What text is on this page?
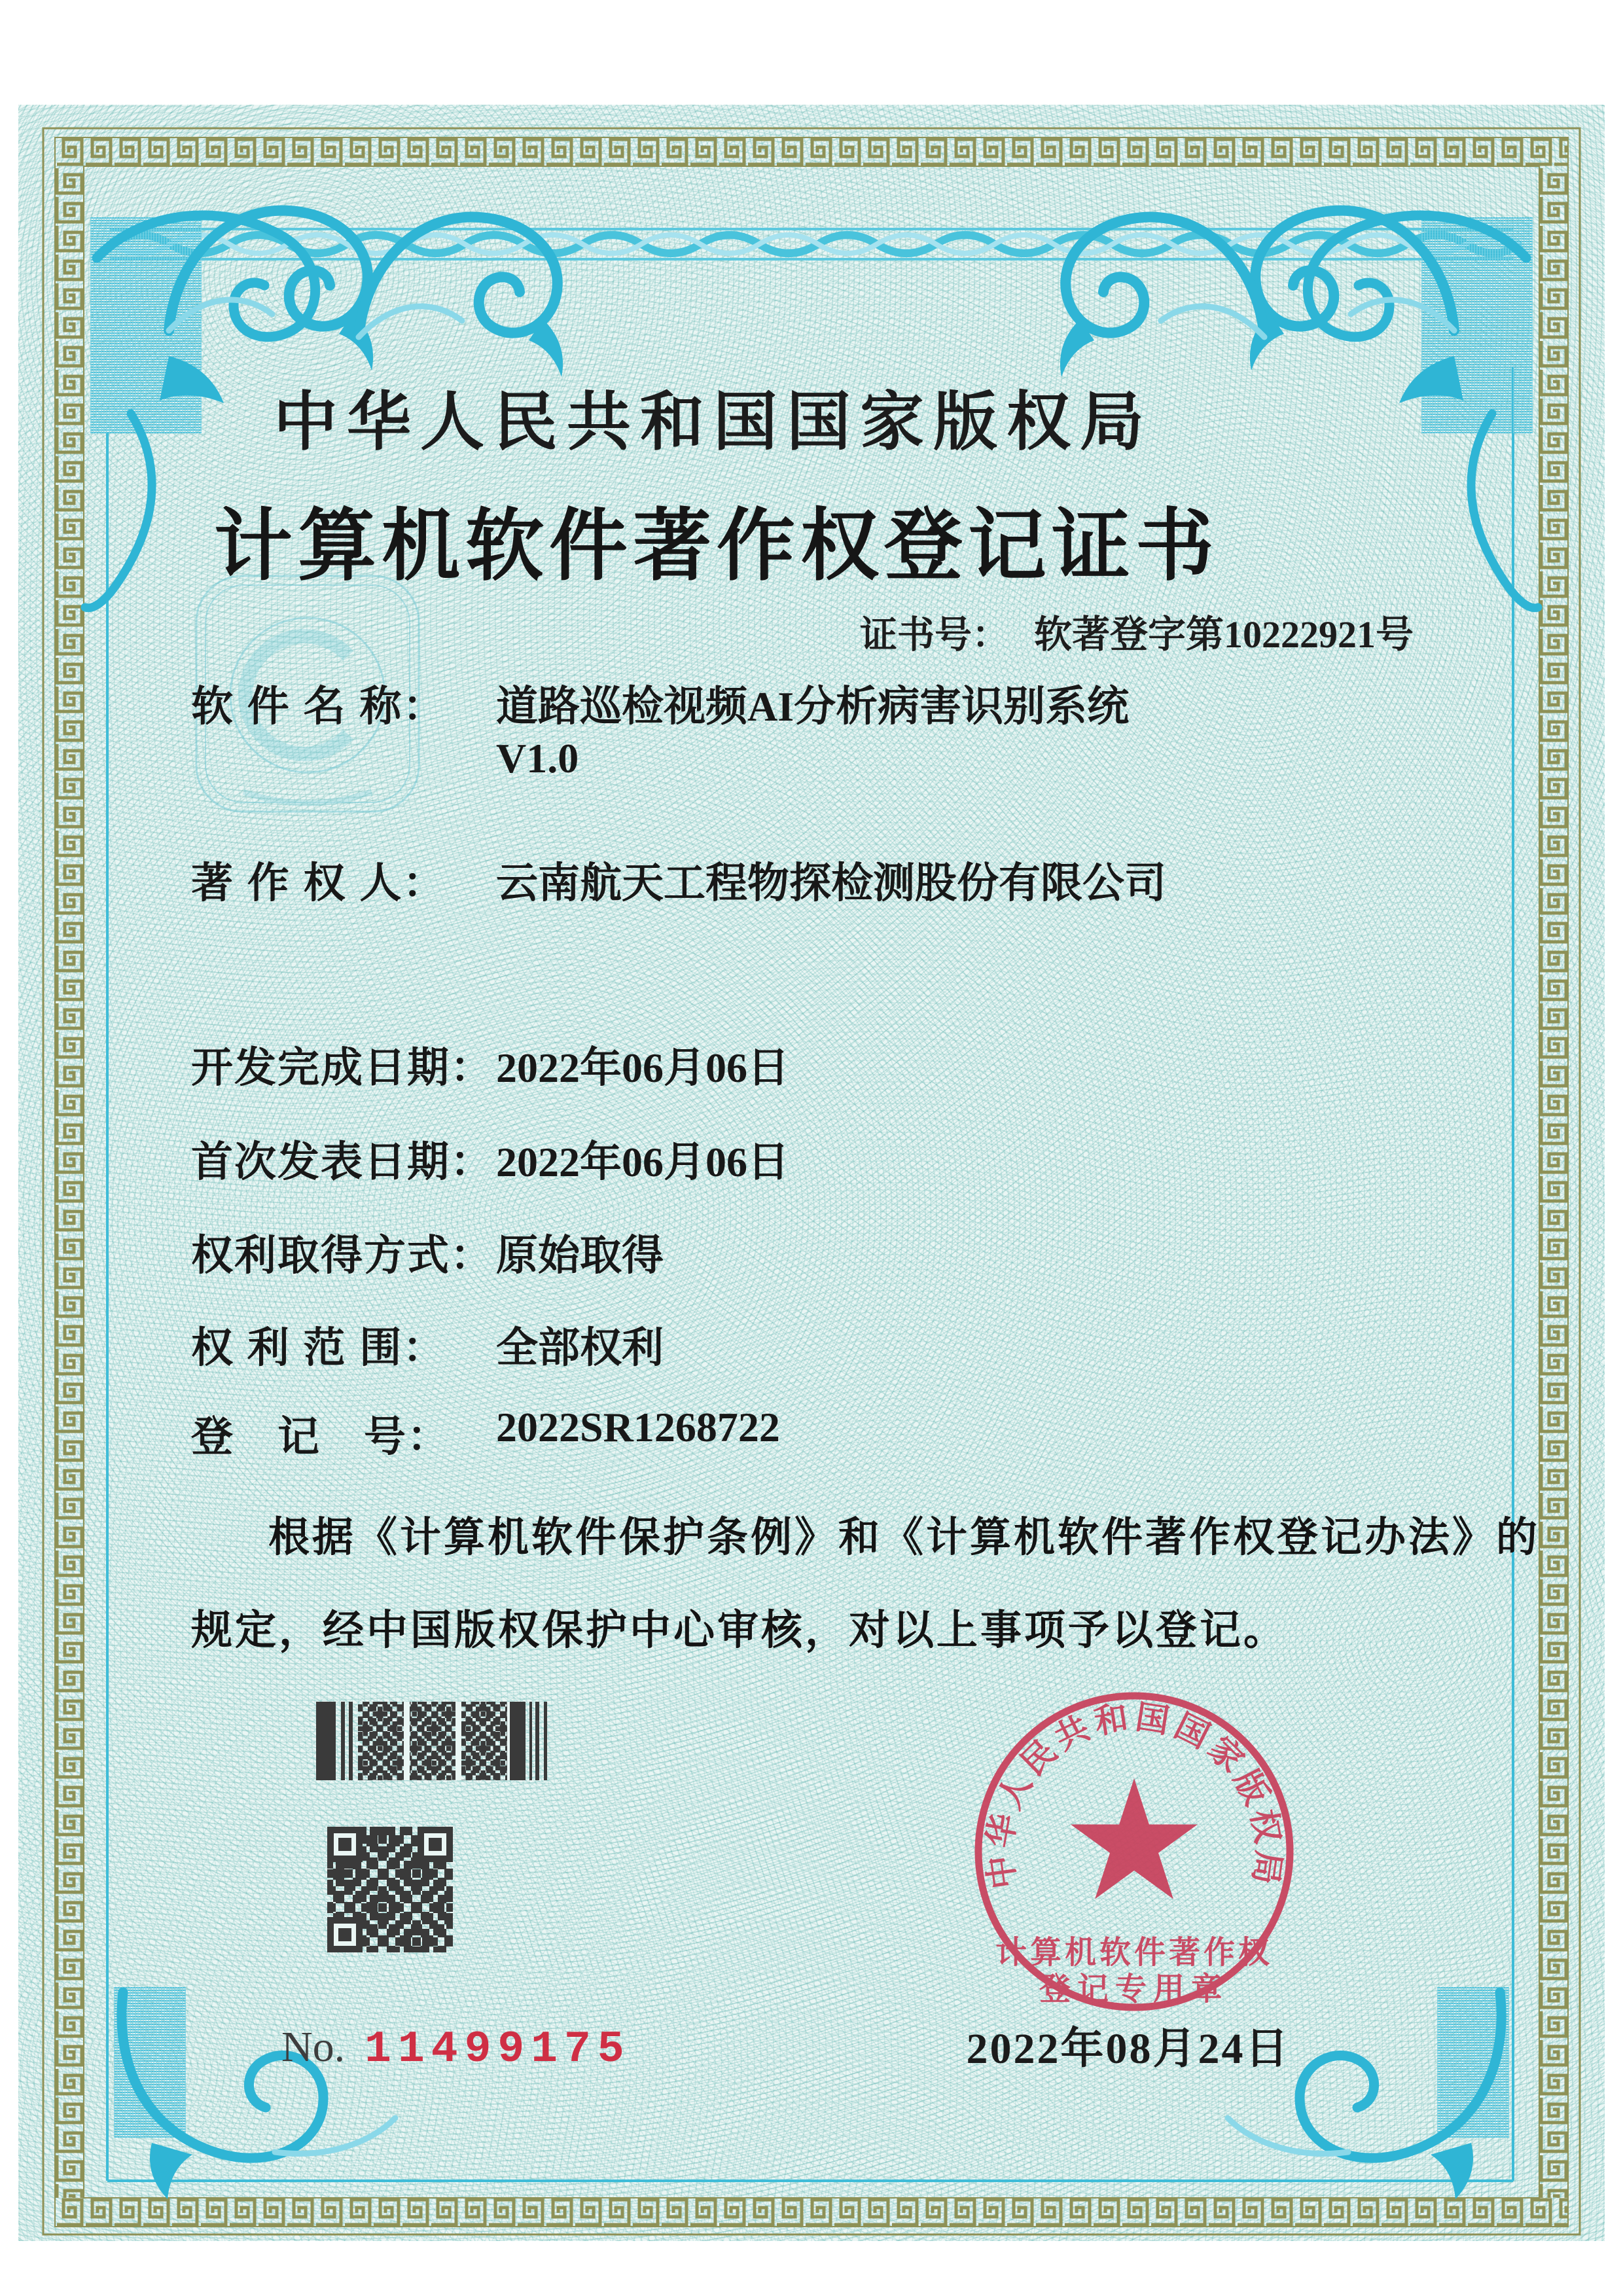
中华人民共和国国家版权局
计算机软件著作权登记证书
证书号： 软著登字第10222921号
软 件 名 称： 道路巡检视频AI分析病害识别系统
V1.0
著 作 权 人： 云南航天工程物探检测股份有限公司
开发完成日期： 2022年06月06日
首次发表日期： 2022年06月06日
权利取得方式： 原始取得
权 利 范 围： 全部权利
登　记　号： 2022SR1268722
根据《计算机软件保护条例》和《计算机软件著作权登记办法》的
规定，经中国版权保护中心审核，对以上事项予以登记。
No. 11499175
中华人民共和国国家版权局
计算机软件著作权
登记专用章
2022年08月24日
